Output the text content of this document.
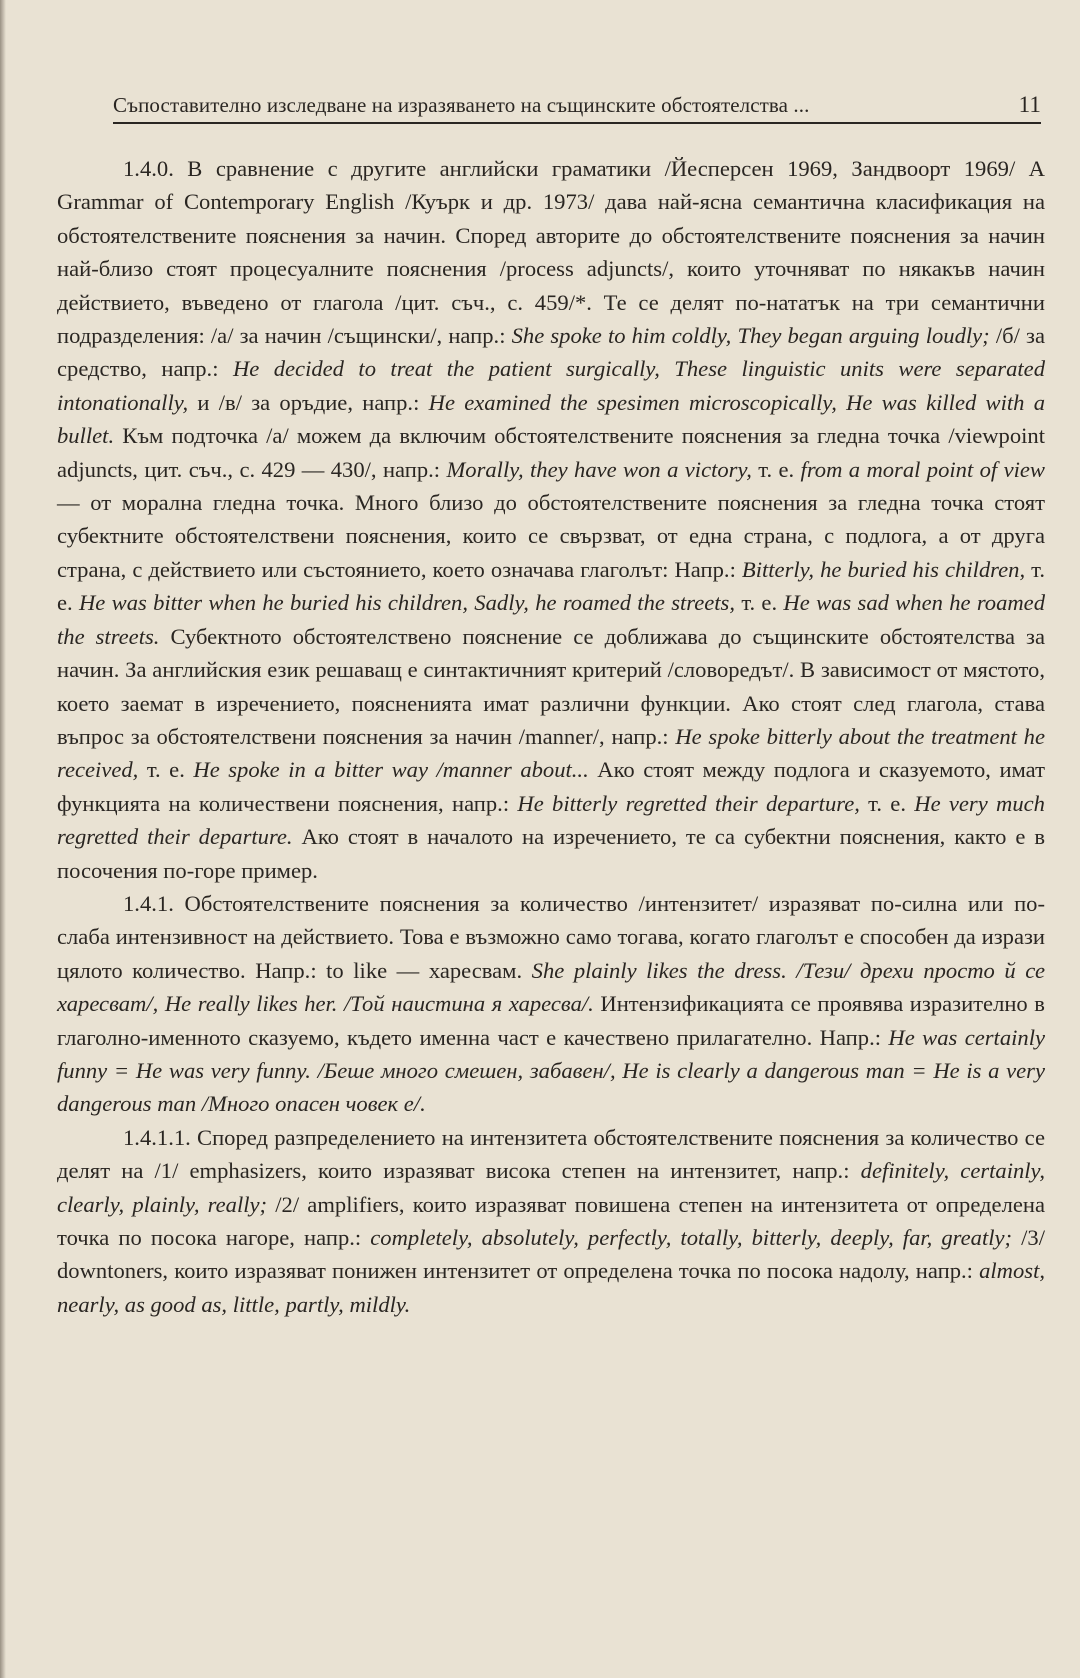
Съпоставително изследване на изразяването на същинските обстоятелства ...	11

1.4.0. В сравнение с другите английски граматики /Йесперсен 1969, Зандвоорт 1969/ A Grammar of Contemporary English /Куърк и др. 1973/ дава най-ясна семантична класификация на обстоятелствените пояснения за начин. Според авторите до обстоятелствените пояснения за начин най-близо стоят процесуалните пояснения /process adjuncts/, които уточняват по някакъв начин действието, въведено от глагола /цит. съч., с. 459/*. Те се делят по-нататък на три семантични подразделения: /а/ за начин /същински/, напр.: She spoke to him coldly, They began arguing loudly; /б/ за средство, напр.: He decided to treat the patient surgically, These linguistic units were separated intonationally, и /в/ за оръдие, напр.: He examined the spesimen microscopically, He was killed with a bullet. Към подточка /а/ можем да включим обстоятелствените пояснения за гледна точка /viewpoint adjuncts, цит. съч., с. 429 — 430/, напр.: Morally, they have won a victory, т. е. from a moral point of view — от морална гледна точка. Много близо до обстоятелствените пояснения за гледна точка стоят субектните обстоятелствени пояснения, които се свързват, от една страна, с подлога, а от друга страна, с действието или състоянието, което означава глаголът: Напр.: Bitterly, he buried his children, т. е. He was bitter when he buried his children, Sadly, he roamed the streets, т. е. He was sad when he roamed the streets. Субектното обстоятелствено пояснение се доближава до същинските обстоятелства за начин. За английския език решаващ е синтактичният критерий /словоредът/. В зависимост от мястото, което заемат в изречението, поясненията имат различни функции. Ако стоят след глагола, става въпрос за обстоятелствени пояснения за начин /manner/, напр.: He spoke bitterly about the treatment he received, т. е. He spoke in a bitter way /manner about... Ако стоят между подлога и сказуемото, имат функцията на количествени пояснения, напр.: He bitterly regretted their departure, т. е. He very much regretted their departure. Ако стоят в началото на изречението, те са субектни пояснения, както е в посочения по-горе пример.

1.4.1. Обстоятелствените пояснения за количество /интензитет/ изразяват по-силна или по-слаба интензивност на действието. Това е възможно само тогава, когато глаголът е способен да изрази цялото количество. Напр.: to like — харесвам. She plainly likes the dress. /Тези/ дрехи просто й се харесват/, He really likes her. /Той наистина я харесва/. Интензификацията се проявява изразително в глаголно-именното сказуемо, където именна част е качествено прилагателно. Напр.: He was certainly funny = He was very funny. /Беше много смешен, забавен/, He is clearly a dangerous man = He is a very dangerous man /Много опасен човек е/.

1.4.1.1. Според разпределението на интензитета обстоятелствените пояснения за количество се делят на /1/ emphasizers, които изразяват висока степен на интензитет, напр.: definitely, certainly, clearly, plainly, really; /2/ amplifiers, които изразяват повишена степен на интензитета от определена точка по посока нагоре, напр.: completely, absolutely, perfectly, totally, bitterly, deeply, far, greatly; /3/ downtoners, които изразяват понижен интензитет от определена точка по посока надолу, напр.: almost, nearly, as good as, little, partly, mildly.
